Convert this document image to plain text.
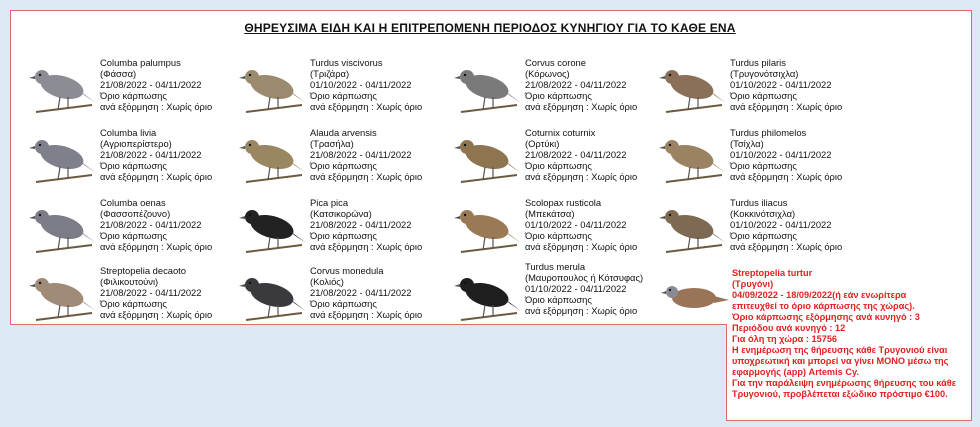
ΘΗΡΕΥΣΙΜΑ ΕΙΔΗ ΚΑΙ Η ΕΠΙΤΡΕΠΟΜΕΝΗ ΠΕΡΙΟΔΟΣ ΚΥΝΗΓΙΟΥ ΓΙΑ ΤΟ ΚΑΘΕ ΕΝΑ
Columba palumpus
(Φάσσα)
21/08/2022 - 04/11/2022
Όριο κάρπωσης
ανά εξόρμηση : Χωρίς όριο
Turdus viscivorus
(Τριζάρα)
01/10/2022 - 04/11/2022
Όριο κάρπωσης
ανά εξόρμηση : Χωρίς όριο
Corvus corone
(Κόρωνος)
21/08/2022 - 04/11/2022
Όριο κάρπωσης
ανά εξόρμηση : Χωρίς όριο
Turdus pilaris
(Τρυγονότσιχλα)
01/10/2022 - 04/11/2022
Όριο κάρπωσης
ανά εξόρμηση : Χωρίς όριο
Columba livia
(Αγριοπερίστερο)
21/08/2022 - 04/11/2022
Όριο κάρπωσης
ανά εξόρμηση : Χωρίς όριο
Alauda arvensis
(Τρασήλα)
21/08/2022 - 04/11/2022
Όριο κάρπωσης
ανά εξόρμηση : Χωρίς όριο
Coturnix coturnix
(Ορτύκι)
21/08/2022 - 04/11/2022
Όριο κάρπωσης
ανά εξόρμηση : Χωρίς όριο
Turdus philomelos
(Τσίχλα)
01/10/2022 - 04/11/2022
Όριο κάρπωσης
ανά εξόρμηση : Χωρίς όριο
Columba oenas
(Φασσοπέζουνο)
21/08/2022 - 04/11/2022
Όριο κάρπωσης
ανά εξόρμηση : Χωρίς όριο
Pica pica
(Κατσικορώνα)
21/08/2022 - 04/11/2022
Όριο κάρπωσης
ανά εξόρμηση : Χωρίς όριο
Scolopax rusticola
(Μπεκάτσα)
01/10/2022 - 04/11/2022
Όριο κάρπωσης
ανά εξόρμηση : Χωρίς όριο
Turdus iliacus
(Κοκκινότσιχλα)
01/10/2022 - 04/11/2022
Όριο κάρπωσης
ανά εξόρμηση : Χωρίς όριο
Streptopelia decaoto
(Φιλικουτούνι)
21/08/2022 - 04/11/2022
Όριο κάρπωσης
ανά εξόρμηση : Χωρίς όριο
Corvus monedula
(Κολιός)
21/08/2022 - 04/11/2022
Όριο κάρπωσης
ανά εξόρμηση : Χωρίς όριο
Turdus merula
(Μαυροπουλος ή Κότσυφας)
01/10/2022 - 04/11/2022
Όριο κάρπωσης
ανά εξόρμηση : Χωρίς όριο
Streptopelia turtur
(Τρυγόνι)
04/09/2022 - 18/09/2022(ή εάν ενωρίτερα
επιτευχθεί το όριο κάρπωσης της χώρας).
Όριο κάρπωσης εξόρμησης ανά κυνηγό : 3
Περιόδου ανά κυνηγό : 12
Για όλη τη χώρα : 15756
Η ενημέρωση της θήρευσης κάθε Τρυγονιού είναι
υποχρεωτική και μπορεί να γίνει ΜΟΝΟ μέσω της
εφαρμογής (app) Artemis Cy.
Για την παράλειψη ενημέρωσης θήρευσης του κάθε
Τρυγονιού, προβλέπεται εξώδικο πρόστιμο €100.
